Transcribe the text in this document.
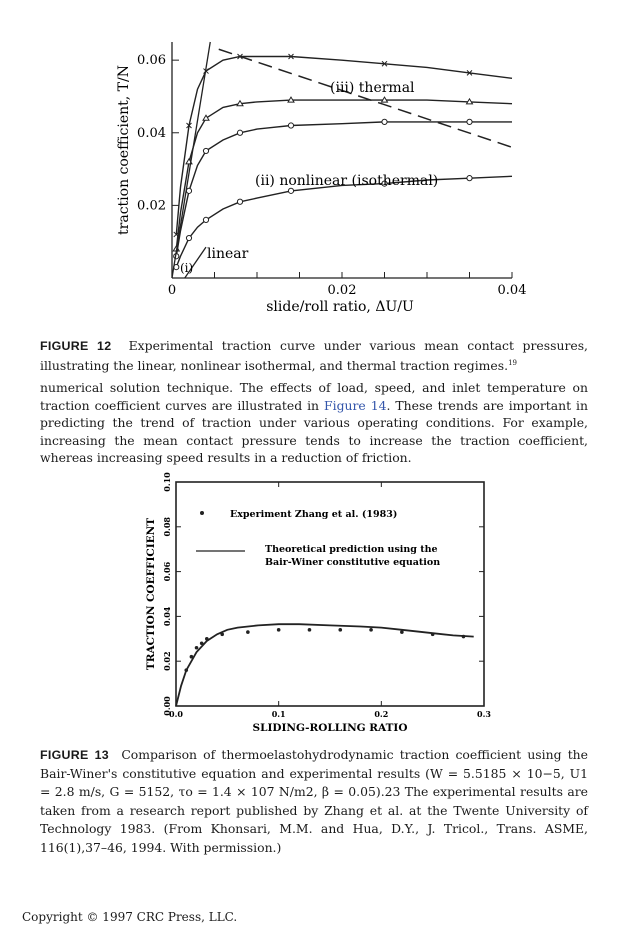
0.02
0.04
0.06
0	0.02	0.04
slide/roll ratio, ΔU/U
traction coefficient, T/N	(iii) thermal
(ii) nonlinear (isothermal)
linear
(i)
FIGURE 12 Experimental traction curve under various mean contact pressures, illustrating the linear, nonlinear isothermal, and thermal traction regimes.$^{19}$
numerical solution technique. The effects of load, speed, and inlet temperature on traction coefficient curves are illustrated in Figure 14. These trends are important in predicting the trend of traction under various operating conditions. For example, increasing the mean contact pressure tends to increase the traction coefficient, whereas increasing speed results in a reduction of friction.
0.00
0.02
0.04
0.06
0.08
0.10
0.0	0.1	0.2	0.3
SLIDING-ROLLING RATIO
TRACTION COEFFICIENT
Experiment Zhang et al. (1983)
Theoretical prediction using the
Bair-Winer constitutive equation
FIGURE 13 Comparison of thermoelastohydrodynamic traction coefficient using the Bair-Winer's constitutive equation and experimental results (W = 5.5185 × 10−5, U1 = 2.8 m/s, G = 5152, τo = 1.4 × 107 N/m2, β = 0.05).23 The experimental results are taken from a research report published by Zhang et al. at the Twente University of Technology 1983. (From Khonsari, M.M. and Hua, D.Y., J. Tricol., Trans. ASME, 116(1),37–46, 1994. With permission.)
Copyright © 1997 CRC Press, LLC.
